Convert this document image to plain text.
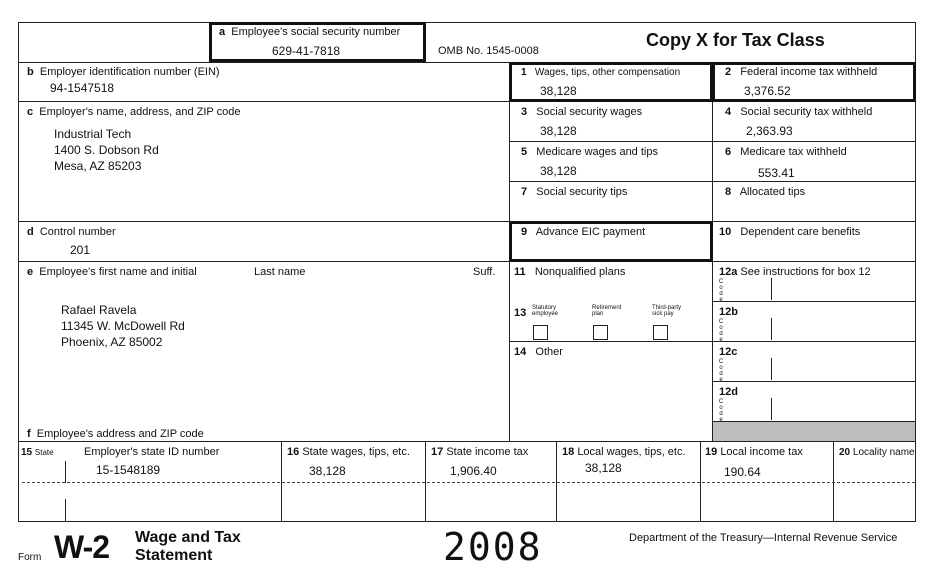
a Employee's social security number
629-41-7818	OMB No. 1545-0008
Copy X for Tax Class
b Employer identification number (EIN)
94-1547518
1 Wages, tips, other compensation
38,128
2 Federal income tax withheld
3,376.52
c Employer's name, address, and ZIP code
Industrial Tech
1400 S. Dobson Rd
Mesa, AZ 85203
3 Social security wages
38,128
4 Social security tax withheld
2,363.93
5 Medicare wages and tips
38,128
6 Medicare tax withheld
553.41
7 Social security tips	8 Allocated tips
d Control number
201
9 Advance EIC payment	10 Dependent care benefits
e Employee's first name and initial	Last name	Suff.
Rafael Ravela
11345 W. McDowell Rd
Phoenix, AZ 85002
f Employee's address and ZIP code
11 Nonqualified plans	12a See instructions for box 12
C
o
d
e
12b
C
o
d
e
12c
C
o
d
e
12d
C
o
d
e
13 Statutory employee
Retirement plan
Third-party sick pay
14 Other
15 State	Employer's state ID number
15-1548189
16 State wages, tips, etc.
38,128
17 State income tax
1,906.40
18 Local wages, tips, etc.
38,128
19 Local income tax
190.64
20 Locality name
Form W-2 Wage and Tax
Statement	2008	Department of the Treasury—Internal Revenue Service
